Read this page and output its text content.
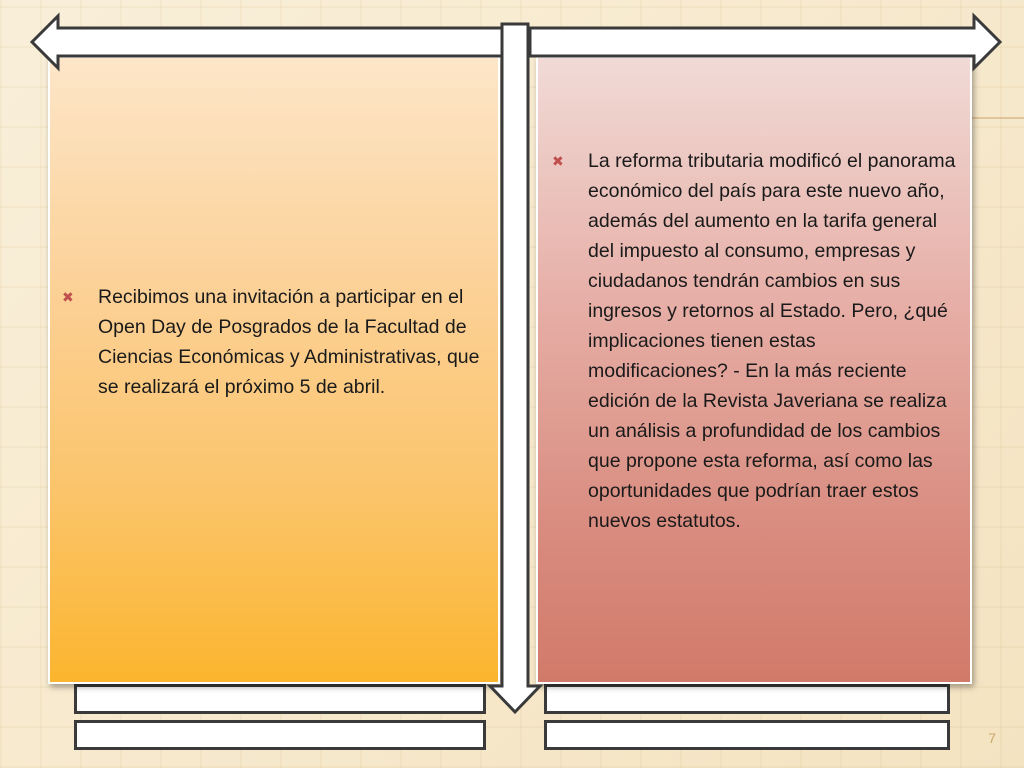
✖	Recibimos una invitación a participar en el Open Day de Posgrados de la Facultad de Ciencias Económicas y Administrativas, que se realizará el próximo 5 de abril.
✖	La reforma tributaria modificó el panorama económico del país para este nuevo año, además del aumento en la tarifa general del impuesto al consumo, empresas y ciudadanos tendrán cambios en sus ingresos y retornos al Estado. Pero, ¿qué implicaciones tienen estas modificaciones? - En la más reciente edición de la Revista Javeriana se realiza un análisis a profundidad de los cambios que propone esta reforma, así como las oportunidades que podrían traer estos nuevos estatutos.
7
